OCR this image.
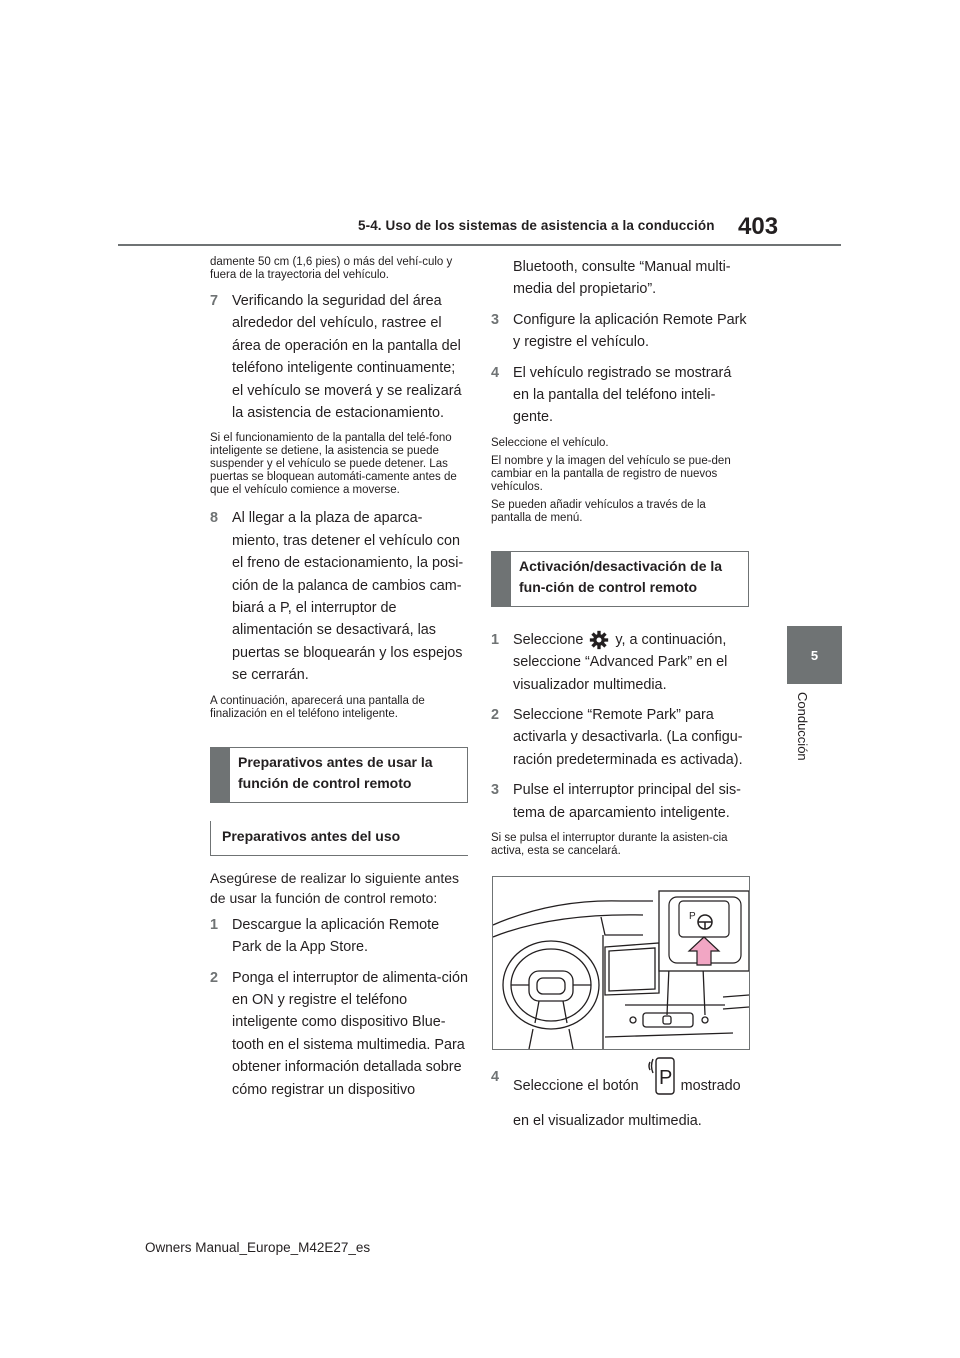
5-4. Uso de los sistemas de asistencia a la conducción 403
5
Conducción

damente 50 cm (1,6 pies) o más del vehí-culo y fuera de la trayectoria del vehículo.

7 Verificando la seguridad del área alrededor del vehículo, rastree el área de operación en la pantalla del teléfono inteligente continuamente; el vehículo se moverá y se realizará la asistencia de estacionamiento.

Si el funcionamiento de la pantalla del telé-fono inteligente se detiene, la asistencia se puede suspender y el vehículo se puede detener. Las puertas se bloquean automáti-camente antes de que el vehículo comience a moverse.

8 Al llegar a la plaza de aparca-miento, tras detener el vehículo con el freno de estacionamiento, la posi-ción de la palanca de cambios cam-biará a P, el interruptor de alimentación se desactivará, las puertas se bloquearán y los espejos se cerrarán.

A continuación, aparecerá una pantalla de finalización en el teléfono inteligente.

Preparativos antes de usar la función de control remoto
Preparativos antes del uso

Asegúrese de realizar lo siguiente antes de usar la función de control remoto:

1 Descargue la aplicación Remote Park de la App Store.
2 Ponga el interruptor de alimenta-ción en ON y registre el teléfono inteligente como dispositivo Blue-tooth en el sistema multimedia. Para obtener información detallada sobre cómo registrar un dispositivo

Bluetooth, consulte “Manual multi-media del propietario”.

3 Configure la aplicación Remote Park y registre el vehículo.
4 El vehículo registrado se mostrará en la pantalla del teléfono inteli-gente.

Seleccione el vehículo.

El nombre y la imagen del vehículo se pue-den cambiar en la pantalla de registro de nuevos vehículos.

Se pueden añadir vehículos a través de la pantalla de menú.

Activación/desactivación de la fun-ción de control remoto
1 Seleccione y, a continuación, seleccione “Advanced Park” en el visualizador multimedia.
2 Seleccione “Remote Park” para activarla y desactivarla. (La configu-ración predeterminada es activada).
3 Pulse el interruptor principal del sis-tema de aparcamiento inteligente.

Si se pulsa el interruptor durante la asisten-cia activa, esta se cancelará.

P
4
Seleccione el botón P mostrado
en el visualizador multimedia.
Owners Manual_Europe_M42E27_es
